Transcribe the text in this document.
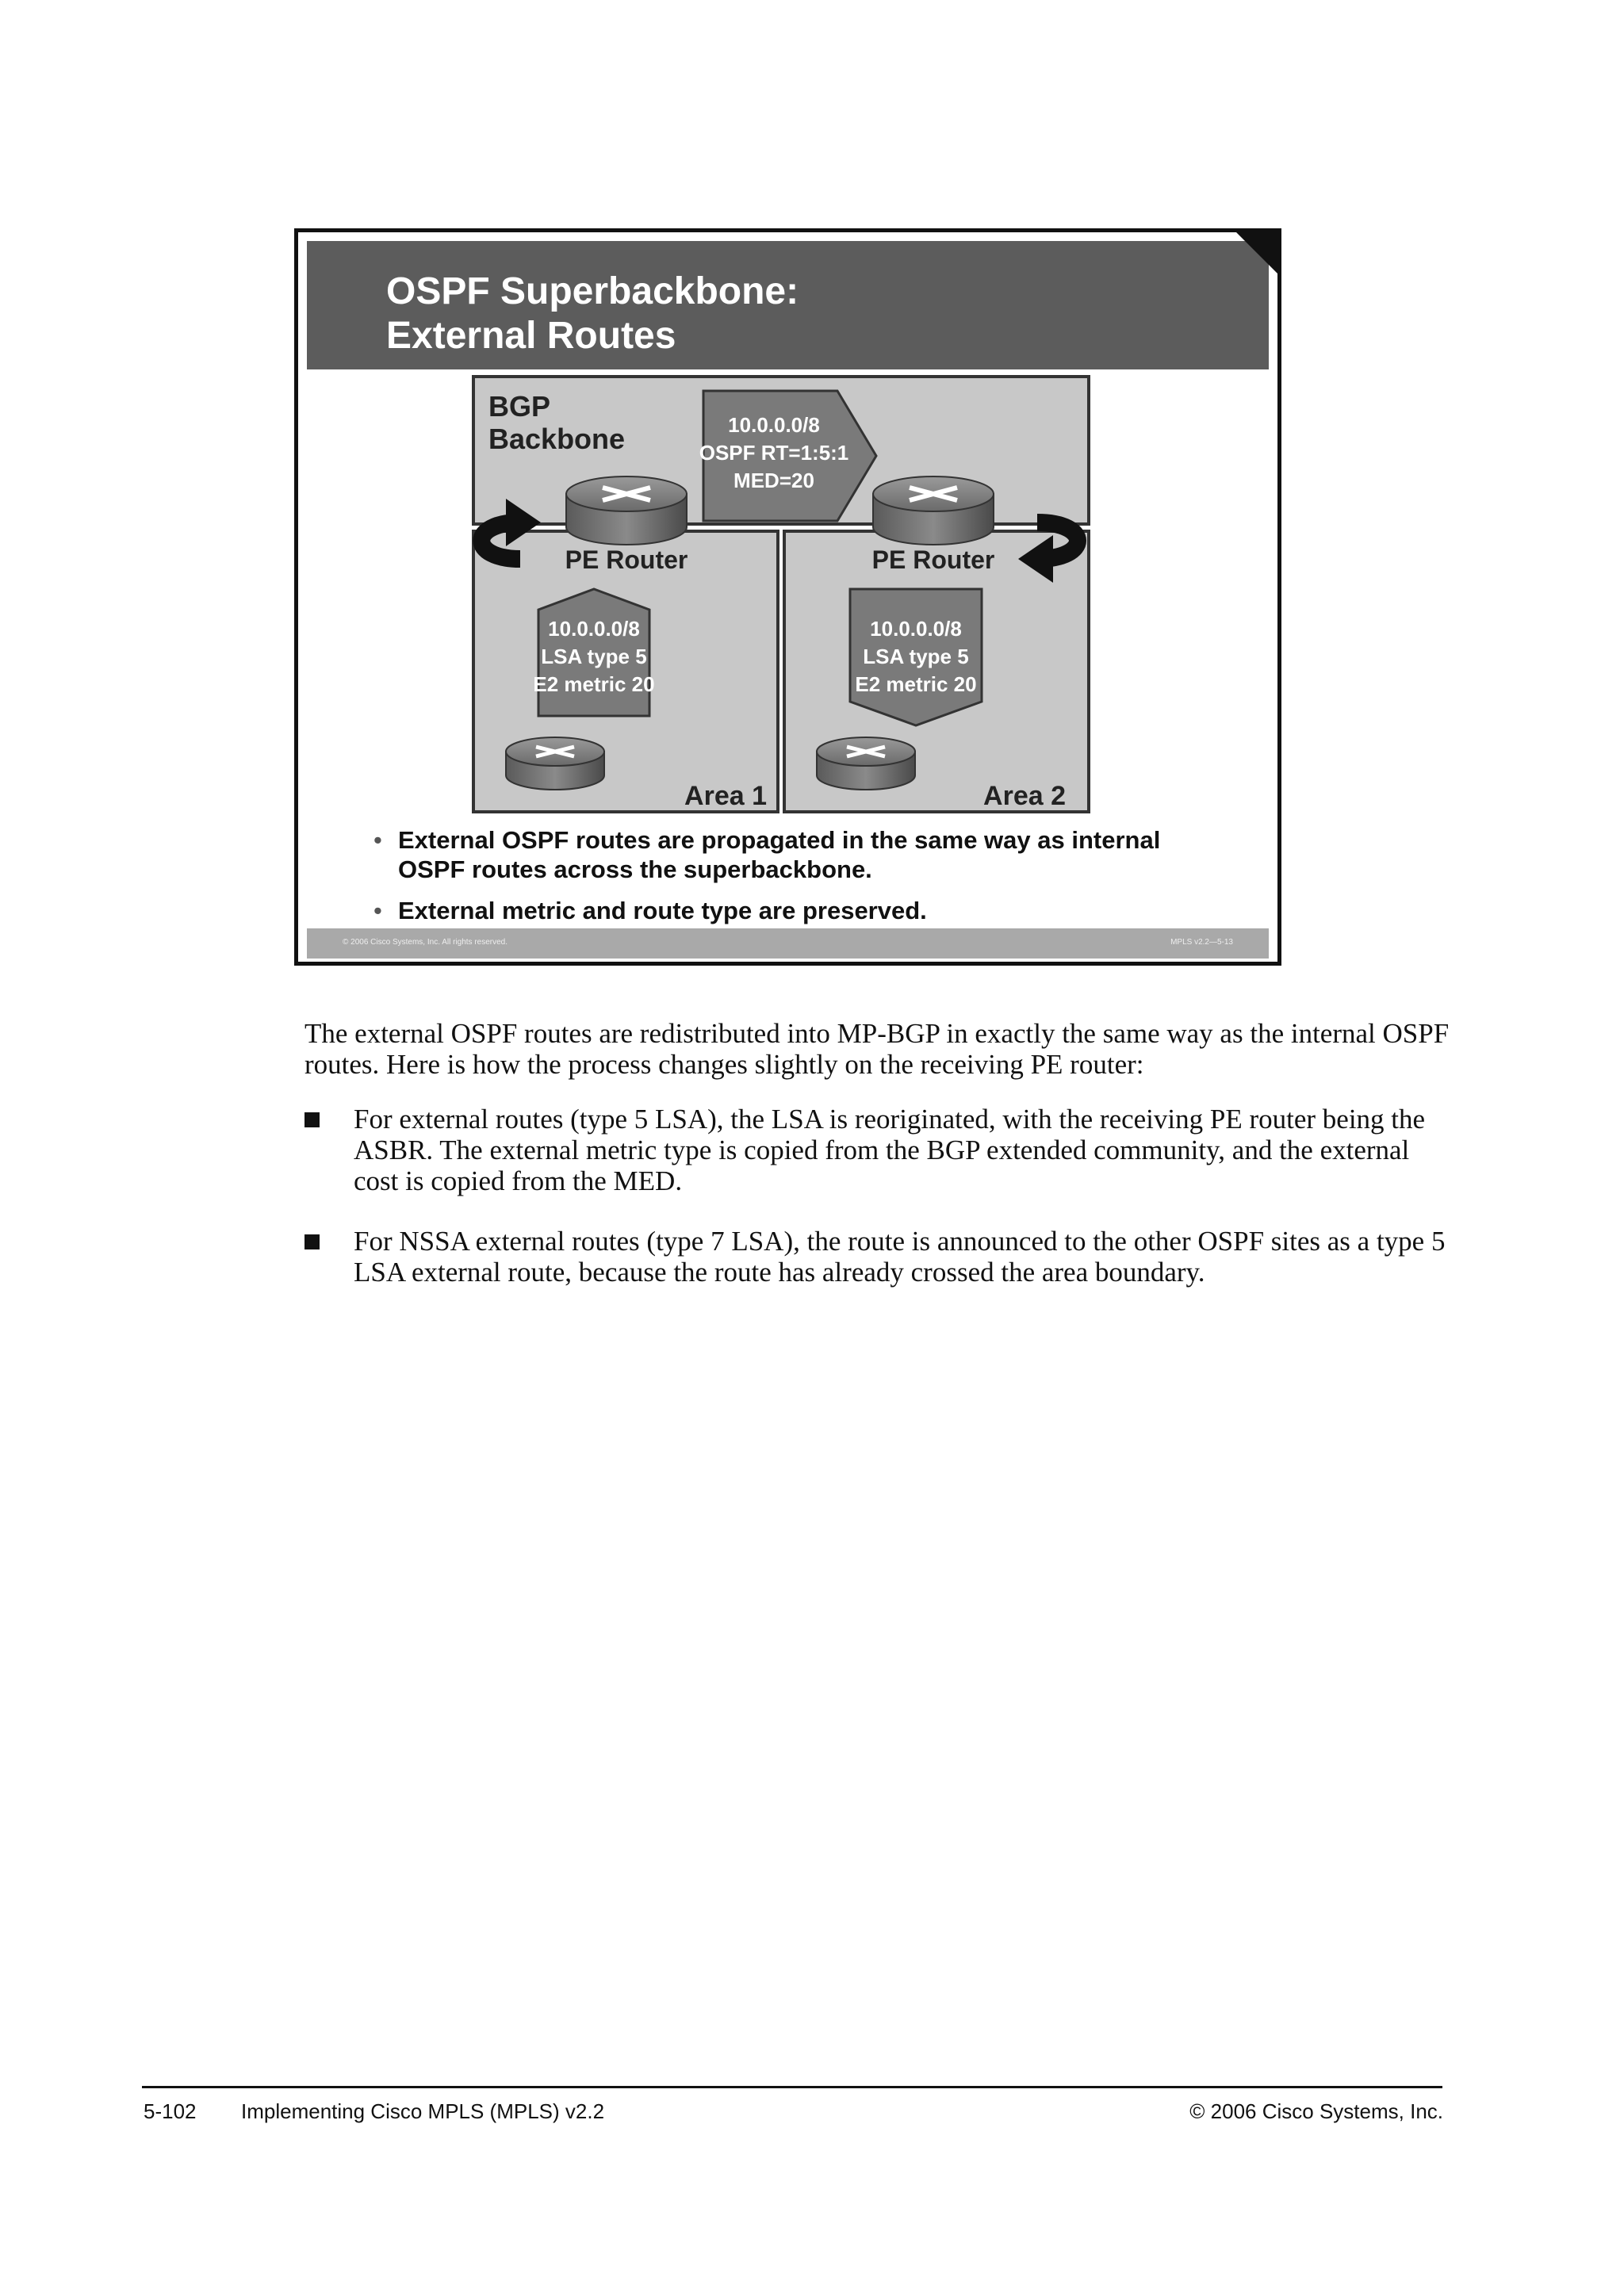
OSPF Superbackbone:
External Routes
BGP
Backbone	10.0.0.0/8
OSPF RT=1:5:1
MED=20
PE Router	PE Router
10.0.0.0/8
LSA type 5
E2 metric 20
10.0.0.0/8
LSA type 5
E2 metric 20
Area 1	Area 2
• External OSPF routes are propagated in the same way as internal OSPF routes across the superbackbone.
• External metric and route type are preserved.
© 2006 Cisco Systems, Inc. All rights reserved.	MPLS v2.2—5-13
The external OSPF routes are redistributed into MP-BGP in exactly the same way as the internal OSPF routes. Here is how the process changes slightly on the receiving PE router:
For external routes (type 5 LSA), the LSA is reoriginated, with the receiving PE router being the ASBR. The external metric type is copied from the BGP extended community, and the external cost is copied from the MED.
For NSSA external routes (type 7 LSA), the route is announced to the other OSPF sites as a type 5 LSA external route, because the route has already crossed the area boundary.
5-102 Implementing Cisco MPLS (MPLS) v2.2	© 2006 Cisco Systems, Inc.
